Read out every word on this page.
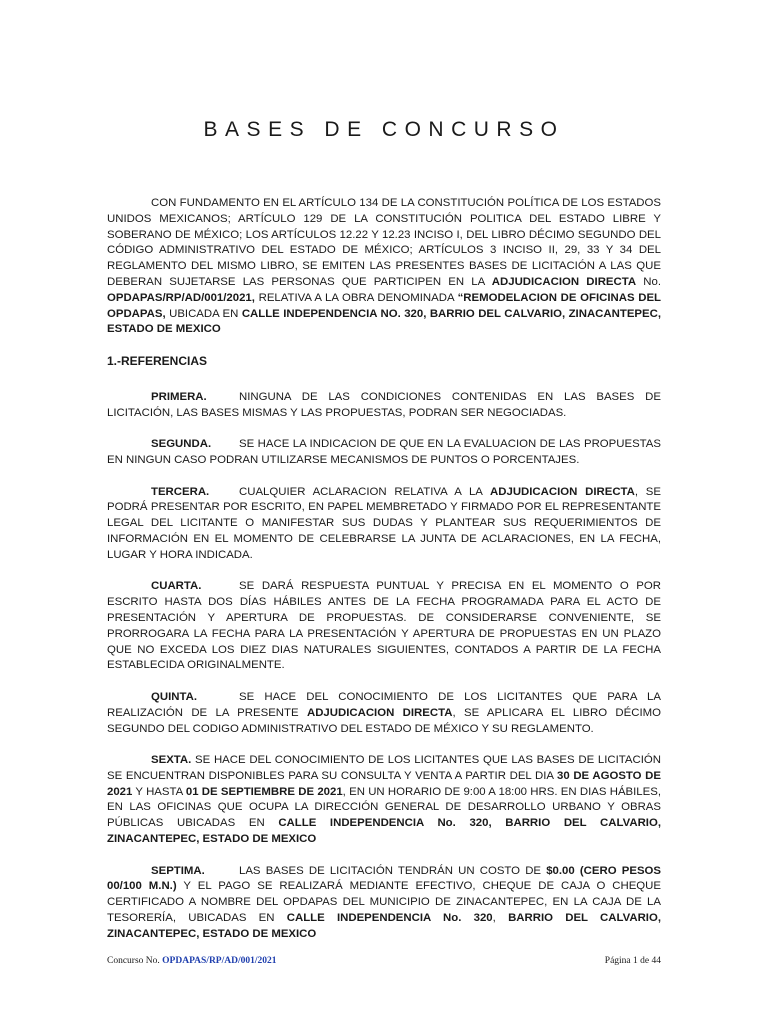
BASES DE CONCURSO

CON FUNDAMENTO EN EL ARTÍCULO 134 DE LA CONSTITUCIÓN POLÍTICA DE LOS ESTADOS UNIDOS MEXICANOS; ARTÍCULO 129 DE LA CONSTITUCIÓN POLITICA DEL ESTADO LIBRE Y SOBERANO DE MÉXICO; LOS ARTÍCULOS 12.22 Y 12.23 INCISO I, DEL LIBRO DÉCIMO SEGUNDO DEL CÓDIGO ADMINISTRATIVO DEL ESTADO DE MÉXICO; ARTÍCULOS 3 INCISO II, 29, 33 Y 34 DEL REGLAMENTO DEL MISMO LIBRO, SE EMITEN LAS PRESENTES BASES DE LICITACIÓN A LAS QUE DEBERAN SUJETARSE LAS PERSONAS QUE PARTICIPEN EN LA ADJUDICACION DIRECTA No. OPDAPAS/RP/AD/001/2021, RELATIVA A LA OBRA DENOMINADA “REMODELACION DE OFICINAS DEL OPDAPAS, UBICADA EN CALLE INDEPENDENCIA NO. 320, BARRIO DEL CALVARIO, ZINACANTEPEC, ESTADO DE MEXICO

1.-REFERENCIAS

PRIMERA.	NINGUNA DE LAS CONDICIONES CONTENIDAS EN LAS BASES DE LICITACIÓN, LAS BASES MISMAS Y LAS PROPUESTAS, PODRAN SER NEGOCIADAS.

SEGUNDA. SE HACE LA INDICACION DE QUE EN LA EVALUACION DE LAS PROPUESTAS EN NINGUN CASO PODRAN UTILIZARSE MECANISMOS DE PUNTOS O PORCENTAJES.

TERCERA.	CUALQUIER ACLARACION RELATIVA A LA ADJUDICACION DIRECTA, SE PODRÁ PRESENTAR POR ESCRITO, EN PAPEL MEMBRETADO Y FIRMADO POR EL REPRESENTANTE LEGAL DEL LICITANTE O MANIFESTAR SUS DUDAS Y PLANTEAR SUS REQUERIMIENTOS DE INFORMACIÓN EN EL MOMENTO DE CELEBRARSE LA JUNTA DE ACLARACIONES, EN LA FECHA, LUGAR Y HORA INDICADA.

CUARTA.	SE DARÁ RESPUESTA PUNTUAL Y PRECISA EN EL MOMENTO O POR ESCRITO HASTA DOS DÍAS HÁBILES ANTES DE LA FECHA PROGRAMADA PARA EL ACTO DE PRESENTACIÓN Y APERTURA DE PROPUESTAS. DE CONSIDERARSE CONVENIENTE, SE PRORROGARA LA FECHA PARA LA PRESENTACIÓN Y APERTURA DE PROPUESTAS EN UN PLAZO QUE NO EXCEDA LOS DIEZ DIAS NATURALES SIGUIENTES, CONTADOS A PARTIR DE LA FECHA ESTABLECIDA ORIGINALMENTE.

QUINTA.	SE HACE DEL CONOCIMIENTO DE LOS LICITANTES QUE PARA LA REALIZACIÓN DE LA PRESENTE ADJUDICACION DIRECTA, SE APLICARA EL LIBRO DÉCIMO SEGUNDO DEL CODIGO ADMINISTRATIVO DEL ESTADO DE MÉXICO Y SU REGLAMENTO.

SEXTA. SE HACE DEL CONOCIMIENTO DE LOS LICITANTES QUE LAS BASES DE LICITACIÓN SE ENCUENTRAN DISPONIBLES PARA SU CONSULTA Y VENTA A PARTIR DEL DIA 30 DE AGOSTO DE 2021 Y HASTA 01 DE SEPTIEMBRE DE 2021, EN UN HORARIO DE 9:00 A 18:00 HRS. EN DIAS HÁBILES, EN LAS OFICINAS QUE OCUPA LA DIRECCIÓN GENERAL DE DESARROLLO URBANO Y OBRAS PÚBLICAS UBICADAS EN CALLE INDEPENDENCIA No. 320, BARRIO DEL CALVARIO, ZINACANTEPEC, ESTADO DE MEXICO

SEPTIMA.	LAS BASES DE LICITACIÓN TENDRÁN UN COSTO DE $0.00 (CERO PESOS 00/100 M.N.) Y EL PAGO SE REALIZARÁ MEDIANTE EFECTIVO, CHEQUE DE CAJA O CHEQUE CERTIFICADO A NOMBRE DEL OPDAPAS DEL MUNICIPIO DE ZINACANTEPEC, EN LA CAJA DE LA TESORERÍA, UBICADAS EN CALLE INDEPENDENCIA No. 320, BARRIO DEL CALVARIO, ZINACANTEPEC, ESTADO DE MEXICO

Concurso No. OPDAPAS/RP/AD/001/2021	Página 1 de 44
